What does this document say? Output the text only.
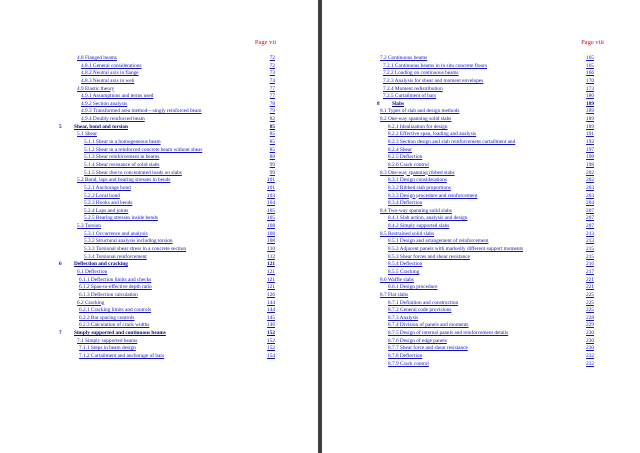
Page vii
4.8 Flanged beams	72
4.8.1 General considerations	72
4.8.2 Neutral axis in flange	73
4.8.3 Neutral axis in web	74
4.9 Elastic theory	77
4.9.1 Assumptions and terms used	77
4.9.2 Section analysis	78
4.9.3 Transformed area method—singly reinforced beam	79
4.9.4 Doubly reinforced beam	82
5 Shear, bond and torsion	85
5.1 Shear	85
5.1.1 Shear in a homogeneous beam	85
5.1.2 Shear in a reinforced concrete beam without shear	85
5.1.3 Shear reinforcement in beams	88
5.1.4 Shear resistance of solid slabs	99
5.1.5 Shear due to concentrated loads on slabs	99
5.2 Bond, laps and bearing stresses in bends	101
5.2.1 Anchorage bond	101
5.2.2 Local bond	103
5.2.3 Hooks and bends	104
5.2.4 Laps and joints	105
5.2.5 Bearing stresses inside bends	105
5.3 Torsion	108
5.3.1 Occurrence and analysis	108
5.3.2 Structural analysis including torsion	108
5.3.3 Torsional shear stress in a concrete section	110
5.3.4 Torsional reinforcement	112
6 Deflection and cracking	121
6.1 Deflection	121
6.1.1 Deflection limits and checks	121
6.1.2 Span-to-effective depth ratio	121
6.1.3 Deflection calculation	126
6.2 Cracking	144
6.2.1 Cracking limits and controls	144
6.2.2 Bar spacing controls	145
6.2.3 Calculation of crack widths	146
7 Simply supported and continuous beams	152
7.1 Simply supported beams	152
7.1.1 Steps in beam design	152
7.1.2 Curtailment and anchorage of bars	154
Page viii
7.2 Continuous beams	165
7.2.1 Continuous beams in in situ concrete floors	165
7.2.2 Loading on continuous beams	166
7.2.3 Analysis for shear and moment envelopes	170
7.2.4 Moment redistribution	173
7.2.5 Curtailment of bars	180
8 Slabs	189
8.1 Types of slab and design methods	189
8.2 One-way spanning solid slabs	189
8.2.1 Idealization for design	189
8.2.2 Effective span, loading and analysis	191
8.2.3 Section design and slab reinforcement curtailment and	192
8.2.4 Shear	197
8.2.5 Deflection	198
8.2.6 Crack control	198
8.3 One-way spanning ribbed slabs	202
8.3.1 Design considerations	202
8.3.2 Ribbed slab proportions	203
8.3.3 Design procedure and reinforcement	203
8.3.4 Deflection	204
8.4 Two-way spanning solid slabs	207
8.4.1 Slab action, analysis and design	207
8.4.2 Simply supported slabs	207
8.5 Restrained solid slabs	213
8.5.1 Design and arrangement of reinforcement	213
8.5.2 Adjacent panels with markedly different support moments	215
8.5.3 Shear forces and shear resistance	215
8.5.4 Deflection	216
8.5.5 Cracking	217
8.6 Waffle slabs	221
8.6.1 Design procedure	221
8.7 Flat slabs	225
8.7.1 Definition and construction	225
8.7.2 General code provisions	225
8.7.3 Analysis	228
8.7.4 Division of panels and moments	229
8.7.5 Design of internal panels and reinforcement details	230
8.7.6 Design of edge panels	230
8.7.7 Shear force and shear resistance	230
8.7.8 Deflection	232
8.7.9 Crack control	232
